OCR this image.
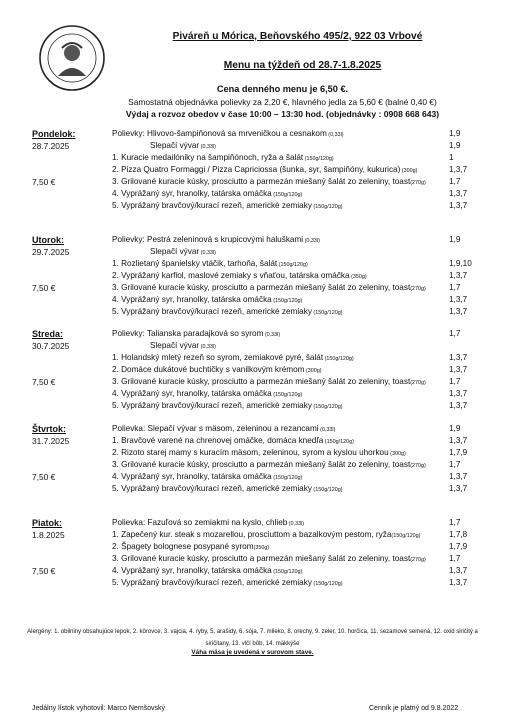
Piváreň u Mórica, Beňovského 495/2, 922 03 Vrbové
Menu na týždeň od 28.7-1.8.2025
Cena denného menu je 6,50 €.
Samostatná objednávka polievky za 2,20 €, hlavného jedla za 5,60 € (balné 0,40 €)
Výdaj a rozvoz obedov v čase 10:00 – 13:30 hod. (objednávky : 0908 668 643)
Pondelok:
28.7.2025
7,50 €
Polievky: Hlivovo-šampiňonová sa mrveničkou a cesnakom (0,33l)	1,9
Slepačí vývar (0,33l)	1,9
1. Kuracie medailóniky na šampiňónoch, ryža a šalát (150g/120g)	1
2. Pizza Quatro Formaggi / Pizza Capriciossa (šunka, syr, šampiňóny, kukurica) (300g)	1,3,7
3. Grilované kuracie kúsky, prosciutto a parmezán miešaný šalát zo zeleniny, toast(270g)	1,7
4. Vyprážaný syr, hranolky, tatárska omáčka (150g/120g)	1,3,7
5. Vyprážaný bravčový/kurací rezeň, americké zemiaky (150g/120g)	1,3,7
Utorok:
29.7.2025
7,50 €
Polievky: Pestrá zeleninová s krupicovými haluškami (0,33l)	1,9
Slepačí vývar (0,33l)
1. Rozlietaný španielsky vtáčik, tarhoňa, šalát (150g/120g)	1,9,10
2. Vyprážaný karfiol, maslové zemiaky s vňaťou, tatárska omáčka (350g)	1,3,7
3. Grilované kuracie kúsky, prosciutto a parmezán miešaný šalát zo zeleniny, toast(270g)	1,7
4. Vyprážaný syr, hranolky, tatárska omáčka (150g/120g)	1,3,7
5. Vyprážaný bravčový/kurací rezeň, americké zemiaky (150g/120g)	1,3,7
Streda:
30.7.2025
7,50 €
Polievky: Talianska paradajková so syrom (0,33l)	1,7
Slepačí vývar (0,33l)
1. Holandský mletý rezeň so syrom, zemiakové pyré, šalát (150g/120g)	1,3,7
2. Domáce dukátové buchtičky s vanilkovým krémom (300g)	1,3,7
3. Grilované kuracie kúsky, prosciutto a parmezán miešaný šalát zo zeleniny, toast(270g)	1,7
4. Vyprážaný syr, hranolky, tatárska omáčka (150g/120g)	1,3,7
5. Vyprážaný bravčový/kurací rezeň, americké zemiaky (150g/120g)	1,3,7
Štvrtok:
31.7.2025
7,50 €
Polievka: Slepačí vývar s mäsom, zeleninou a rezancami (0,33l)	1,9
1. Bravčové varené na chrenovej omáčke, domáca knedľa (150g/120g)	1,3,7
2. Rizoto starej mamy s kuracím mäsom, zeleninou, syrom a kyslou uhorkou (300g)	1,7,9
3. Grilované kuracie kúsky, prosciutto a parmezán miešaný šalát zo zeleniny, toast(270g)	1,7
4. Vyprážaný syr, hranolky, tatárska omáčka (150g/120g)	1,3,7
5. Vyprážaný bravčový/kurací rezeň, americké zemiaky (150g/120g)	1,3,7
Piatok:
1.8.2025
7,50 €
Polievka: Fazuľová so zemiakmi na kyslo, chlieb (0,33l)	1,7
1. Zapečený kur. steak s mozarellou, prosciuttom a bazalkovým pestom, ryža(150g/120g)	1,7,8
2. Špagety bolognese posypané syrom(350g)	1,7,9
3. Grilované kuracie kúsky, prosciutto a parmezán miešaný šalát zo zeleniny, toast(270g)	1,7
4. Vyprážaný syr, hranolky, tatárska omáčka (150g/120g)	1,3,7
5. Vyprážaný bravčový/kurací rezeň, americké zemiaky (150g/120g)	1,3,7
Alergény: 1. obilniny obsahujúce lepok, 2. kôrovce, 3. vajcia, 4. ryby, 5. arašidy, 6. sója, 7. mlieko, 8. orechy, 9. zeler, 10. horčica, 11. sezamové semená, 12. oxid siričitý a siričitany, 13. vlčí bôb, 14. mäkkýše
Váha mäsa je uvedená v surovom stave.
Jedálny lístok vyhotovil: Marco Nemšovský	Cenník je platný od 9.8.2022
